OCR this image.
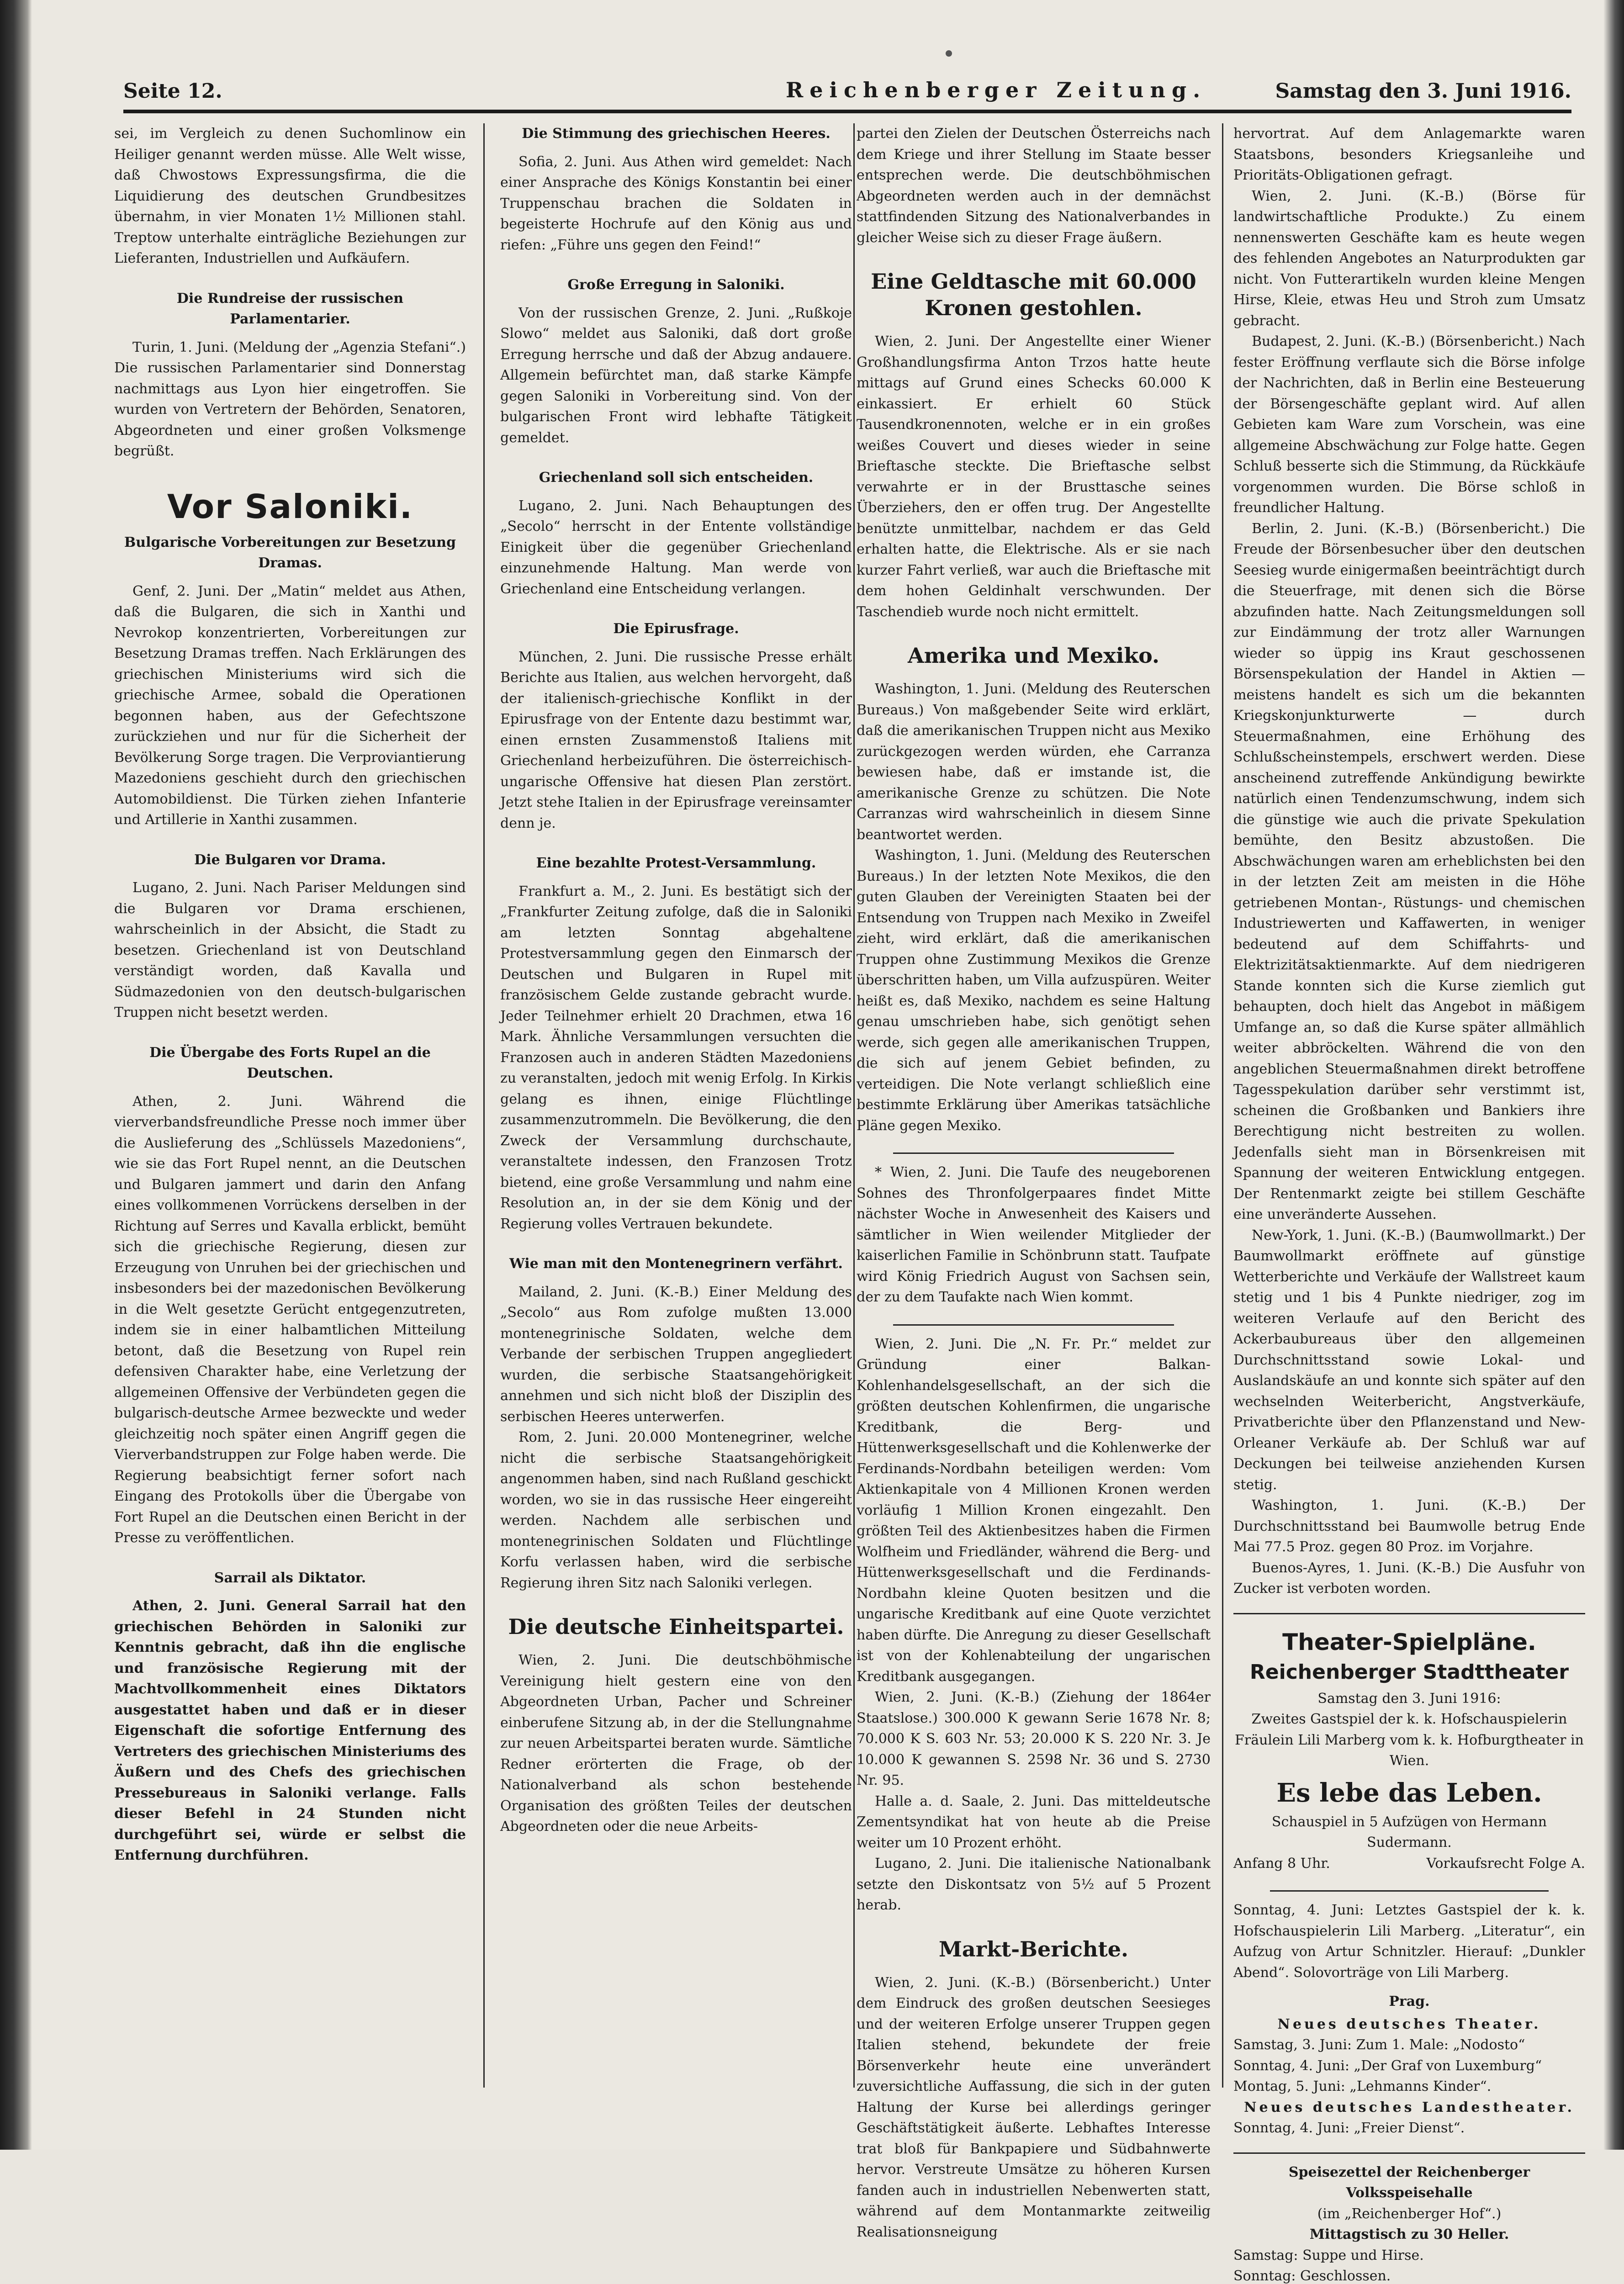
Seite 12.	Reichenberger Zeitung.	Samstag den 3. Juni 1916.

sei, im Vergleich zu denen Suchomlinow ein Heiliger genannt werden müsse. Alle Welt wisse, daß Chwostows Expressungsfirma, die die Liquidierung des deutschen Grundbesitzes übernahm, in vier Monaten 1½ Millionen stahl. Treptow unterhalte einträgliche Beziehungen zur Lieferanten, Industriellen und Aufkäufern.

Die Rundreise der russischen Parlamentarier.

Turin, 1. Juni. (Meldung der „Agenzia Stefani“.) Die russischen Parlamentarier sind Donnerstag nachmittags aus Lyon hier eingetroffen. Sie wurden von Vertretern der Behörden, Senatoren, Abgeordneten und einer großen Volksmenge begrüßt.

Vor Saloniki.
Bulgarische Vorbereitungen zur Besetzung Dramas.

Genf, 2. Juni. Der „Matin“ meldet aus Athen, daß die Bulgaren, die sich in Xanthi und Nevrokop konzentrierten, Vorbereitungen zur Besetzung Dramas treffen. Nach Erklärungen des griechischen Ministeriums wird sich die griechische Armee, sobald die Operationen begonnen haben, aus der Gefechtszone zurückziehen und nur für die Sicherheit der Bevölkerung Sorge tragen. Die Verproviantierung Mazedoniens geschieht durch den griechischen Automobildienst. Die Türken ziehen Infanterie und Artillerie in Xanthi zusammen.

Die Bulgaren vor Drama.

Lugano, 2. Juni. Nach Pariser Meldungen sind die Bulgaren vor Drama erschienen, wahrscheinlich in der Absicht, die Stadt zu besetzen. Griechenland ist von Deutschland verständigt worden, daß Kavalla und Südmazedonien von den deutsch-bulgarischen Truppen nicht besetzt werden.

Die Übergabe des Forts Rupel an die Deutschen.

Athen, 2. Juni. Während die vierverbandsfreundliche Presse noch immer über die Auslieferung des „Schlüssels Mazedoniens“, wie sie das Fort Rupel nennt, an die Deutschen und Bulgaren jammert und darin den Anfang eines vollkommenen Vorrückens derselben in der Richtung auf Serres und Kavalla erblickt, bemüht sich die griechische Regierung, diesen zur Erzeugung von Unruhen bei der griechischen und insbesonders bei der mazedonischen Bevölkerung in die Welt gesetzte Gerücht entgegenzutreten, indem sie in einer halbamtlichen Mitteilung betont, daß die Besetzung von Rupel rein defensiven Charakter habe, eine Verletzung der allgemeinen Offensive der Verbündeten gegen die bulgarisch-deutsche Armee bezweckte und weder gleichzeitig noch später einen Angriff gegen die Vierverbandstruppen zur Folge haben werde. Die Regierung beabsichtigt ferner sofort nach Eingang des Protokolls über die Übergabe von Fort Rupel an die Deutschen einen Bericht in der Presse zu veröffentlichen.

Sarrail als Diktator.

Athen, 2. Juni. General Sarrail hat den griechischen Behörden in Saloniki zur Kenntnis gebracht, daß ihn die englische und französische Regierung mit der Machtvollkommenheit eines Diktators ausgestattet haben und daß er in dieser Eigenschaft die sofortige Entfernung des Vertreters des griechischen Ministeriums des Äußern und des Chefs des griechischen Pressebureaus in Saloniki verlange. Falls dieser Befehl in 24 Stunden nicht durchgeführt sei, würde er selbst die Entfernung durchführen.

Die Stimmung des griechischen Heeres.

Sofia, 2. Juni. Aus Athen wird gemeldet: Nach einer Ansprache des Königs Konstantin bei einer Truppenschau brachen die Soldaten in begeisterte Hochrufe auf den König aus und riefen: „Führe uns gegen den Feind!“

Große Erregung in Saloniki.

Von der russischen Grenze, 2. Juni. „Rußkoje Slowo“ meldet aus Saloniki, daß dort große Erregung herrsche und daß der Abzug andauere. Allgemein befürchtet man, daß starke Kämpfe gegen Saloniki in Vorbereitung sind. Von der bulgarischen Front wird lebhafte Tätigkeit gemeldet.

Griechenland soll sich entscheiden.

Lugano, 2. Juni. Nach Behauptungen des „Secolo“ herrscht in der Entente vollständige Einigkeit über die gegenüber Griechenland einzunehmende Haltung. Man werde von Griechenland eine Entscheidung verlangen.

Die Epirusfrage.

München, 2. Juni. Die russische Presse erhält Berichte aus Italien, aus welchen hervorgeht, daß der italienisch-griechische Konflikt in der Epirusfrage von der Entente dazu bestimmt war, einen ernsten Zusammenstoß Italiens mit Griechenland herbeizuführen. Die österreichisch-ungarische Offensive hat diesen Plan zerstört. Jetzt stehe Italien in der Epirusfrage vereinsamter denn je.

Eine bezahlte Protest-Versammlung.

Frankfurt a. M., 2. Juni. Es bestätigt sich der „Frankfurter Zeitung zufolge, daß die in Saloniki am letzten Sonntag abgehaltene Protestversammlung gegen den Einmarsch der Deutschen und Bulgaren in Rupel mit französischem Gelde zustande gebracht wurde. Jeder Teilnehmer erhielt 20 Drachmen, etwa 16 Mark. Ähnliche Versammlungen versuchten die Franzosen auch in anderen Städten Mazedoniens zu veranstalten, jedoch mit wenig Erfolg. In Kirkis gelang es ihnen, einige Flüchtlinge zusammenzutrommeln. Die Bevölkerung, die den Zweck der Versammlung durchschaute, veranstaltete indessen, den Franzosen Trotz bietend, eine große Versammlung und nahm eine Resolution an, in der sie dem König und der Regierung volles Vertrauen bekundete.

Wie man mit den Montenegrinern verfährt.

Mailand, 2. Juni. (K.-B.) Einer Meldung des „Secolo“ aus Rom zufolge mußten 13.000 montenegrinische Soldaten, welche dem Verbande der serbischen Truppen angegliedert wurden, die serbische Staatsangehörigkeit annehmen und sich nicht bloß der Disziplin des serbischen Heeres unterwerfen.

Rom, 2. Juni. 20.000 Montenegriner, welche nicht die serbische Staatsangehörigkeit angenommen haben, sind nach Rußland geschickt worden, wo sie in das russische Heer eingereiht werden. Nachdem alle serbischen und montenegrinischen Soldaten und Flüchtlinge Korfu verlassen haben, wird die serbische Regierung ihren Sitz nach Saloniki verlegen.

Die deutsche Einheitspartei.

Wien, 2. Juni. Die deutschböhmische Vereinigung hielt gestern eine von den Abgeordneten Urban, Pacher und Schreiner einberufene Sitzung ab, in der die Stellungnahme zur neuen Arbeitspartei beraten wurde. Sämtliche Redner erörterten die Frage, ob der Nationalverband als schon bestehende Organisation des größten Teiles der deutschen Abgeordneten oder die neue Arbeits-

partei den Zielen der Deutschen Österreichs nach dem Kriege und ihrer Stellung im Staate besser entsprechen werde. Die deutschböhmischen Abgeordneten werden auch in der demnächst stattfindenden Sitzung des Nationalverbandes in gleicher Weise sich zu dieser Frage äußern.

Eine Geldtasche mit 60.000 Kronen gestohlen.

Wien, 2. Juni. Der Angestellte einer Wiener Großhandlungsfirma Anton Trzos hatte heute mittags auf Grund eines Schecks 60.000 K einkassiert. Er erhielt 60 Stück Tausendkronennoten, welche er in ein großes weißes Couvert und dieses wieder in seine Brieftasche steckte. Die Brieftasche selbst verwahrte er in der Brusttasche seines Überziehers, den er offen trug. Der Angestellte benützte unmittelbar, nachdem er das Geld erhalten hatte, die Elektrische. Als er sie nach kurzer Fahrt verließ, war auch die Brieftasche mit dem hohen Geldinhalt verschwunden. Der Taschendieb wurde noch nicht ermittelt.

Amerika und Mexiko.

Washington, 1. Juni. (Meldung des Reuterschen Bureaus.) Von maßgebender Seite wird erklärt, daß die amerikanischen Truppen nicht aus Mexiko zurückgezogen werden würden, ehe Carranza bewiesen habe, daß er imstande ist, die amerikanische Grenze zu schützen. Die Note Carranzas wird wahrscheinlich in diesem Sinne beantwortet werden.

Washington, 1. Juni. (Meldung des Reuterschen Bureaus.) In der letzten Note Mexikos, die den guten Glauben der Vereinigten Staaten bei der Entsendung von Truppen nach Mexiko in Zweifel zieht, wird erklärt, daß die amerikanischen Truppen ohne Zustimmung Mexikos die Grenze überschritten haben, um Villa aufzuspüren. Weiter heißt es, daß Mexiko, nachdem es seine Haltung genau umschrieben habe, sich genötigt sehen werde, sich gegen alle amerikanischen Truppen, die sich auf jenem Gebiet befinden, zu verteidigen. Die Note verlangt schließlich eine bestimmte Erklärung über Amerikas tatsächliche Pläne gegen Mexiko.

* Wien, 2. Juni. Die Taufe des neugeborenen Sohnes des Thronfolgerpaares findet Mitte nächster Woche in Anwesenheit des Kaisers und sämtlicher in Wien weilender Mitglieder der kaiserlichen Familie in Schönbrunn statt. Taufpate wird König Friedrich August von Sachsen sein, der zu dem Taufakte nach Wien kommt.

Wien, 2. Juni. Die „N. Fr. Pr.“ meldet zur Gründung einer Balkan-Kohlenhandelsgesellschaft, an der sich die größten deutschen Kohlenfirmen, die ungarische Kreditbank, die Berg- und Hüttenwerksgesellschaft und die Kohlenwerke der Ferdinands-Nordbahn beteiligen werden: Vom Aktienkapitale von 4 Millionen Kronen werden vorläufig 1 Million Kronen eingezahlt. Den größten Teil des Aktienbesitzes haben die Firmen Wolfheim und Friedländer, während die Berg- und Hüttenwerksgesellschaft und die Ferdinands-Nordbahn kleine Quoten besitzen und die ungarische Kreditbank auf eine Quote verzichtet haben dürfte. Die Anregung zu dieser Gesellschaft ist von der Kohlenabteilung der ungarischen Kreditbank ausgegangen.

Wien, 2. Juni. (K.-B.) (Ziehung der 1864er Staatslose.) 300.000 K gewann Serie 1678 Nr. 8; 70.000 K S. 603 Nr. 53; 20.000 K S. 220 Nr. 3. Je 10.000 K gewannen S. 2598 Nr. 36 und S. 2730 Nr. 95.

Halle a. d. Saale, 2. Juni. Das mitteldeutsche Zementsyndikat hat von heute ab die Preise weiter um 10 Prozent erhöht.

Lugano, 2. Juni. Die italienische Nationalbank setzte den Diskontsatz von 5½ auf 5 Prozent herab.

Markt-Berichte.

Wien, 2. Juni. (K.-B.) (Börsenbericht.) Unter dem Eindruck des großen deutschen Seesieges und der weiteren Erfolge unserer Truppen gegen Italien stehend, bekundete der freie Börsenverkehr heute eine unverändert zuversichtliche Auffassung, die sich in der guten Haltung der Kurse bei allerdings geringer Geschäftstätigkeit äußerte. Lebhaftes Interesse trat bloß für Bankpapiere und Südbahnwerte hervor. Verstreute Umsätze zu höheren Kursen fanden auch in industriellen Nebenwerten statt, während auf dem Montanmarkte zeitweilig Realisationsneigung

hervortrat. Auf dem Anlagemarkte waren Staatsbons, besonders Kriegsanleihe und Prioritäts-Obligationen gefragt.

Wien, 2. Juni. (K.-B.) (Börse für landwirtschaftliche Produkte.) Zu einem nennenswerten Geschäfte kam es heute wegen des fehlenden Angebotes an Naturprodukten gar nicht. Von Futterartikeln wurden kleine Mengen Hirse, Kleie, etwas Heu und Stroh zum Umsatz gebracht.

Budapest, 2. Juni. (K.-B.) (Börsenbericht.) Nach fester Eröffnung verflaute sich die Börse infolge der Nachrichten, daß in Berlin eine Besteuerung der Börsengeschäfte geplant wird. Auf allen Gebieten kam Ware zum Vorschein, was eine allgemeine Abschwächung zur Folge hatte. Gegen Schluß besserte sich die Stimmung, da Rückkäufe vorgenommen wurden. Die Börse schloß in freundlicher Haltung.

Berlin, 2. Juni. (K.-B.) (Börsenbericht.) Die Freude der Börsenbesucher über den deutschen Seesieg wurde einigermaßen beeinträchtigt durch die Steuerfrage, mit denen sich die Börse abzufinden hatte. Nach Zeitungsmeldungen soll zur Eindämmung der trotz aller Warnungen wieder so üppig ins Kraut geschossenen Börsenspekulation der Handel in Aktien — meistens handelt es sich um die bekannten Kriegskonjunkturwerte — durch Steuermaßnahmen, eine Erhöhung des Schlußscheinstempels, erschwert werden. Diese anscheinend zutreffende Ankündigung bewirkte natürlich einen Tendenzumschwung, indem sich die günstige wie auch die private Spekulation bemühte, den Besitz abzustoßen. Die Abschwächungen waren am erheblichsten bei den in der letzten Zeit am meisten in die Höhe getriebenen Montan-, Rüstungs- und chemischen Industriewerten und Kaffawerten, in weniger bedeutend auf dem Schiffahrts- und Elektrizitätsaktienmarkte. Auf dem niedrigeren Stande konnten sich die Kurse ziemlich gut behaupten, doch hielt das Angebot in mäßigem Umfange an, so daß die Kurse später allmählich weiter abbröckelten. Während die von den angeblichen Steuermaßnahmen direkt betroffene Tagesspekulation darüber sehr verstimmt ist, scheinen die Großbanken und Bankiers ihre Berechtigung nicht bestreiten zu wollen. Jedenfalls sieht man in Börsenkreisen mit Spannung der weiteren Entwicklung entgegen. Der Rentenmarkt zeigte bei stillem Geschäfte eine unveränderte Aussehen.

New-York, 1. Juni. (K.-B.) (Baumwollmarkt.) Der Baumwollmarkt eröffnete auf günstige Wetterberichte und Verkäufe der Wallstreet kaum stetig und 1 bis 4 Punkte niedriger, zog im weiteren Verlaufe auf den Bericht des Ackerbaubureaus über den allgemeinen Durchschnittsstand sowie Lokal- und Auslandskäufe an und konnte sich später auf den wechselnden Weiterbericht, Angstverkäufe, Privatberichte über den Pflanzenstand und New-Orleaner Verkäufe ab. Der Schluß war auf Deckungen bei teilweise anziehenden Kursen stetig.

Washington, 1. Juni. (K.-B.) Der Durchschnittsstand bei Baumwolle betrug Ende Mai 77.5 Proz. gegen 80 Proz. im Vorjahre.

Buenos-Ayres, 1. Juni. (K.-B.) Die Ausfuhr von Zucker ist verboten worden.

Theater-Spielpläne.
Reichenberger Stadttheater

Samstag den 3. Juni 1916:

Zweites Gastspiel der k. k. Hofschauspielerin Fräulein Lili Marberg vom k. k. Hofburgtheater in Wien.

Es lebe das Leben.

Schauspiel in 5 Aufzügen von Hermann Sudermann.

Anfang 8 Uhr.	Vorkaufsrecht Folge A.

Sonntag, 4. Juni: Letztes Gastspiel der k. k. Hofschauspielerin Lili Marberg. „Literatur“, ein Aufzug von Artur Schnitzler. Hierauf: „Dunkler Abend“. Solovorträge von Lili Marberg.

Prag.

Neues deutsches Theater.

Samstag, 3. Juni: Zum 1. Male: „Nodosto“

Sonntag, 4. Juni: „Der Graf von Luxemburg“

Montag, 5. Juni: „Lehmanns Kinder“.

Neues deutsches Landestheater.

Sonntag, 4. Juni: „Freier Dienst“.

Speisezettel der Reichenberger Volksspeisehalle

(im „Reichenberger Hof“.)

Mittagstisch zu 30 Heller.

Samstag: Suppe und Hirse.

Sonntag: Geschlossen.
